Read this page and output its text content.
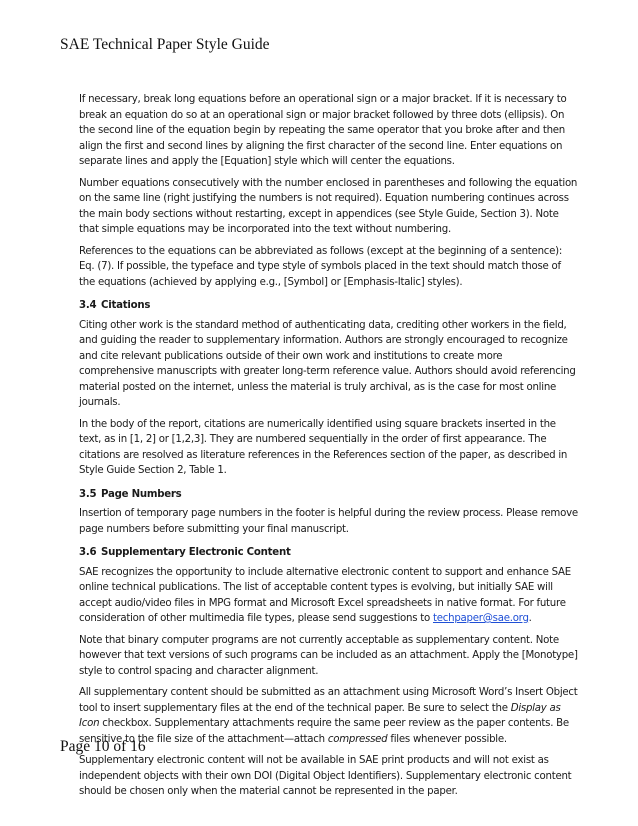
SAE Technical Paper Style Guide

If necessary, break long equations before an operational sign or a major bracket. If it is necessary to break an equation do so at an operational sign or major bracket followed by three dots (ellipsis). On the second line of the equation begin by repeating the same operator that you broke after and then align the first and second lines by aligning the first character of the second line. Enter equations on separate lines and apply the [Equation] style which will center the equations.

Number equations consecutively with the number enclosed in parentheses and following the equation on the same line (right justifying the numbers is not required). Equation numbering continues across the main body sections without restarting, except in appendices (see Style Guide, Section 3). Note that simple equations may be incorporated into the text without numbering.

References to the equations can be abbreviated as follows (except at the beginning of a sentence): Eq. (7). If possible, the typeface and type style of symbols placed in the text should match those of the equations (achieved by applying e.g., [Symbol] or [Emphasis-Italic] styles).

3.4 Citations

Citing other work is the standard method of authenticating data, crediting other workers in the field, and guiding the reader to supplementary information. Authors are strongly encouraged to recognize and cite relevant publications outside of their own work and institutions to create more comprehensive manuscripts with greater long-term reference value. Authors should avoid referencing material posted on the internet, unless the material is truly archival, as is the case for most online journals.

In the body of the report, citations are numerically identified using square brackets inserted in the text, as in [1, 2] or [1,2,3]. They are numbered sequentially in the order of first appearance. The citations are resolved as literature references in the References section of the paper, as described in Style Guide Section 2, Table 1.

3.5 Page Numbers

Insertion of temporary page numbers in the footer is helpful during the review process. Please remove page numbers before submitting your final manuscript.

3.6 Supplementary Electronic Content

SAE recognizes the opportunity to include alternative electronic content to support and enhance SAE online technical publications. The list of acceptable content types is evolving, but initially SAE will accept audio/video files in MPG format and Microsoft Excel spreadsheets in native format. For future consideration of other multimedia file types, please send suggestions to techpaper@sae.org.

Note that binary computer programs are not currently acceptable as supplementary content. Note however that text versions of such programs can be included as an attachment. Apply the [Monotype] style to control spacing and character alignment.

All supplementary content should be submitted as an attachment using Microsoft Word’s Insert Object tool to insert supplementary files at the end of the technical paper. Be sure to select the Display as Icon checkbox. Supplementary attachments require the same peer review as the paper contents. Be sensitive to the file size of the attachment—attach compressed files whenever possible.

Supplementary electronic content will not be available in SAE print products and will not exist as independent objects with their own DOI (Digital Object Identifiers). Supplementary electronic content should be chosen only when the material cannot be represented in the paper.

Page 10 of 16
